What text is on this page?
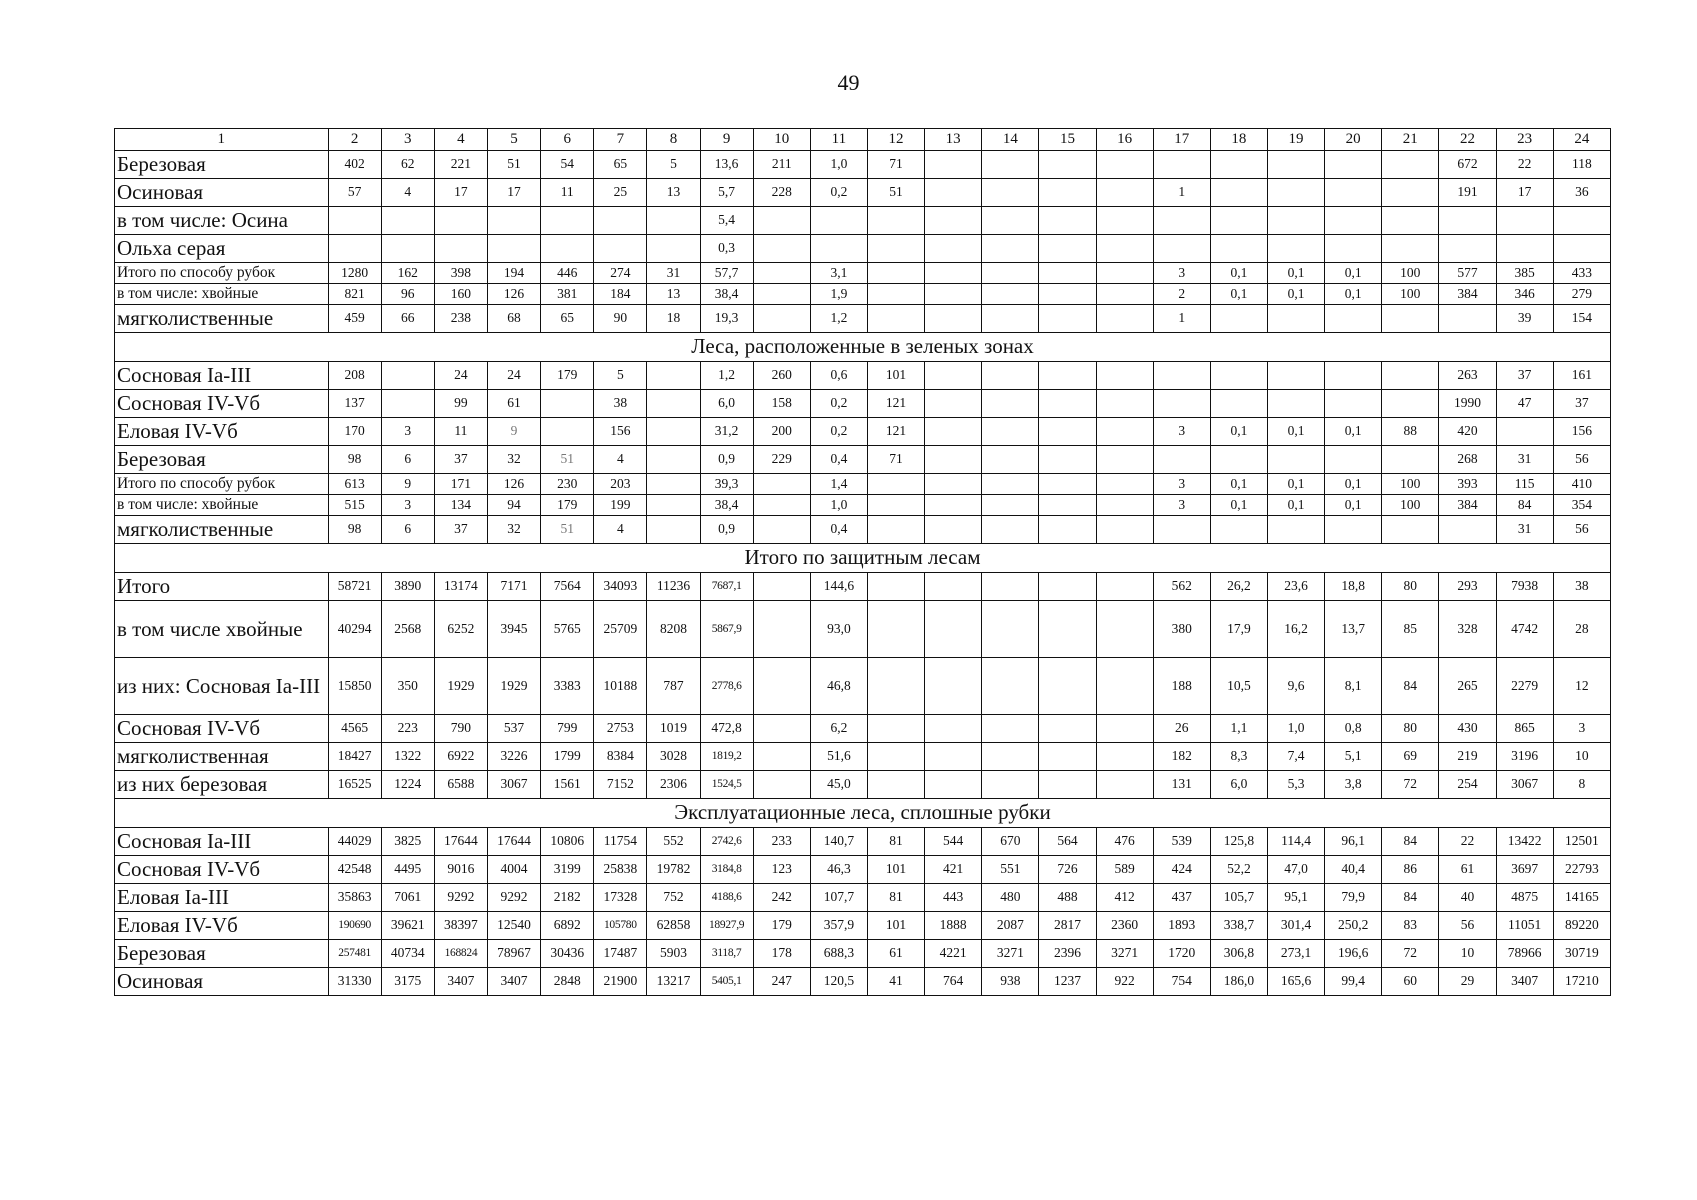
49
1	2	3	4	5	6	7	8	9	10	11	12	13	14	15	16	17	18	19	20	21	22	23	24
Березовая	402	62	221	51	54	65	5	13,6	211	1,0	71										672	22	118
Осиновая	57	4	17	17	11	25	13	5,7	228	0,2	51					1					191	17	36
в том числе: Осина								5,4															
Ольха серая								0,3															
Итого по способу рубок	1280	162	398	194	446	274	31	57,7		3,1						3	0,1	0,1	0,1	100	577	385	433
в том числе: хвойные	821	96	160	126	381	184	13	38,4		1,9						2	0,1	0,1	0,1	100	384	346	279
мягколиственные	459	66	238	68	65	90	18	19,3		1,2						1						39	154
Леса, расположенные в зеленых зонах																							
Сосновая Ia-III	208		24	24	179	5		1,2	260	0,6	101										263	37	161
Сосновая IV-Vб	137		99	61		38		6,0	158	0,2	121										1990	47	37
Еловая IV-Vб	170	3	11	9		156		31,2	200	0,2	121					3	0,1	0,1	0,1	88	420		156
Березовая	98	6	37	32	51	4		0,9	229	0,4	71										268	31	56
Итого по способу рубок	613	9	171	126	230	203		39,3		1,4						3	0,1	0,1	0,1	100	393	115	410
в том числе: хвойные	515	3	134	94	179	199		38,4		1,0						3	0,1	0,1	0,1	100	384	84	354
мягколиственные	98	6	37	32	51	4		0,9		0,4												31	56
Итого по защитным лесам																							
Итого	58721	3890	13174	7171	7564	34093	11236	7687,1		144,6						562	26,2	23,6	18,8	80	293	7938	38
в том числе хвойные	40294	2568	6252	3945	5765	25709	8208	5867,9		93,0						380	17,9	16,2	13,7	85	328	4742	28
из них: Сосновая Ia-III	15850	350	1929	1929	3383	10188	787	2778,6		46,8						188	10,5	9,6	8,1	84	265	2279	12
Сосновая IV-Vб	4565	223	790	537	799	2753	1019	472,8		6,2						26	1,1	1,0	0,8	80	430	865	3
мягколиственная	18427	1322	6922	3226	1799	8384	3028	1819,2		51,6						182	8,3	7,4	5,1	69	219	3196	10
из них березовая	16525	1224	6588	3067	1561	7152	2306	1524,5		45,0						131	6,0	5,3	3,8	72	254	3067	8
Эксплуатационные леса, сплошные рубки																							
Сосновая Ia-III	44029	3825	17644	17644	10806	11754	552	2742,6	233	140,7	81	544	670	564	476	539	125,8	114,4	96,1	84	22	13422	12501
Сосновая IV-Vб	42548	4495	9016	4004	3199	25838	19782	3184,8	123	46,3	101	421	551	726	589	424	52,2	47,0	40,4	86	61	3697	22793
Еловая Ia-III	35863	7061	9292	9292	2182	17328	752	4188,6	242	107,7	81	443	480	488	412	437	105,7	95,1	79,9	84	40	4875	14165
Еловая IV-Vб	190690	39621	38397	12540	6892	105780	62858	18927,9	179	357,9	101	1888	2087	2817	2360	1893	338,7	301,4	250,2	83	56	11051	89220
Березовая	257481	40734	168824	78967	30436	17487	5903	3118,7	178	688,3	61	4221	3271	2396	3271	1720	306,8	273,1	196,6	72	10	78966	30719
Осиновая	31330	3175	3407	3407	2848	21900	13217	5405,1	247	120,5	41	764	938	1237	922	754	186,0	165,6	99,4	60	29	3407	17210
